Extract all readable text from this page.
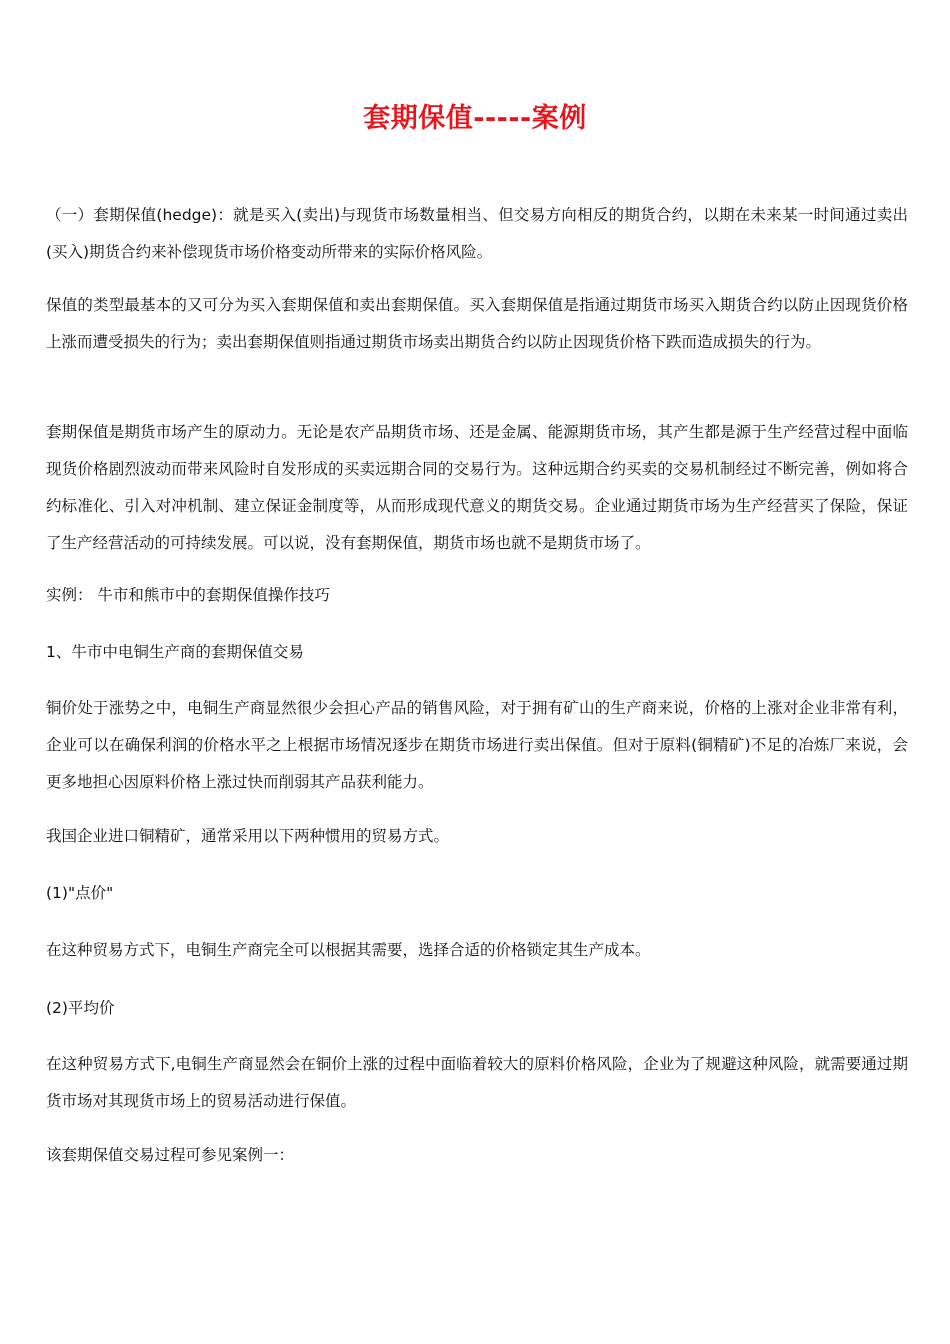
套期保值-----案例
（一）套期保值(hedge)：就是买入(卖出)与现货市场数量相当、但交易方向相反的期货合约，以期在未来某一时间通过卖出(买入)期货合约来补偿现货市场价格变动所带来的实际价格风险。
保值的类型最基本的又可分为买入套期保值和卖出套期保值。买入套期保值是指通过期货市场买入期货合约以防止因现货价格上涨而遭受损失的行为；卖出套期保值则指通过期货市场卖出期货合约以防止因现货价格下跌而造成损失的行为。
套期保值是期货市场产生的原动力。无论是农产品期货市场、还是金属、能源期货市场，其产生都是源于生产经营过程中面临现货价格剧烈波动而带来风险时自发形成的买卖远期合同的交易行为。这种远期合约买卖的交易机制经过不断完善，例如将合约标准化、引入对冲机制、建立保证金制度等，从而形成现代意义的期货交易。企业通过期货市场为生产经营买了保险，保证了生产经营活动的可持续发展。可以说，没有套期保值，期货市场也就不是期货市场了。
实例： 牛市和熊市中的套期保值操作技巧
1、牛市中电铜生产商的套期保值交易
铜价处于涨势之中，电铜生产商显然很少会担心产品的销售风险，对于拥有矿山的生产商来说，价格的上涨对企业非常有利，企业可以在确保利润的价格水平之上根据市场情况逐步在期货市场进行卖出保值。但对于原料(铜精矿)不足的冶炼厂来说，会更多地担心因原料价格上涨过快而削弱其产品获利能力。
我国企业进口铜精矿，通常采用以下两种惯用的贸易方式。
(1)"点价"
在这种贸易方式下，电铜生产商完全可以根据其需要，选择合适的价格锁定其生产成本。
(2)平均价
在这种贸易方式下,电铜生产商显然会在铜价上涨的过程中面临着较大的原料价格风险，企业为了规避这种风险，就需要通过期货市场对其现货市场上的贸易活动进行保值。
该套期保值交易过程可参见案例一：
